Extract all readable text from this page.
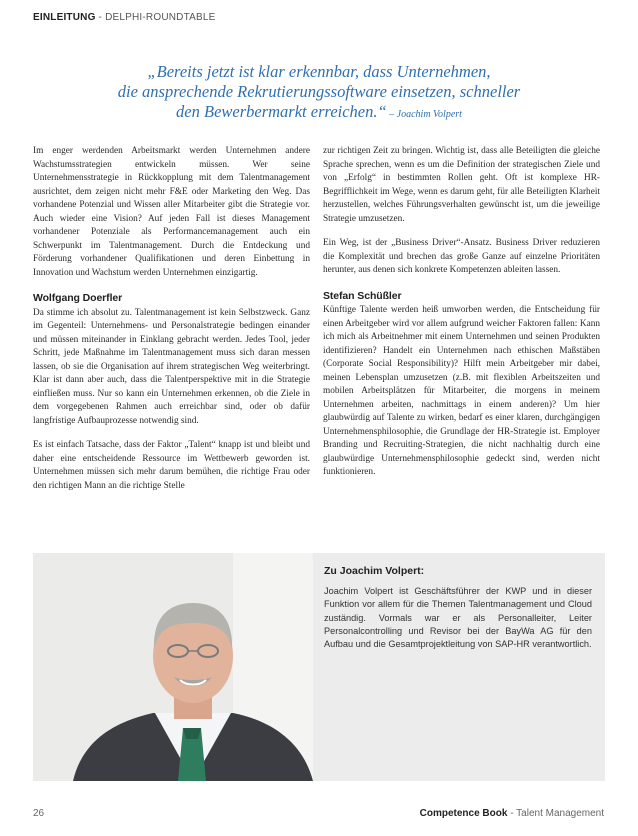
EINLEITUNG - DELPHI-ROUNDTABLE
„Bereits jetzt ist klar erkennbar, dass Unternehmen,
die ansprechende Rekrutierungssoftware einsetzen, schneller
den Bewerbermarkt erreichen.“ – Joachim Volpert

Im enger werdenden Arbeitsmarkt werden Unternehmen andere Wachstumsstrategien entwickeln müssen. Wer seine Unternehmensstrategie in Rückkopplung mit dem Talentmanagement ausrichtet, dem zeigen nicht mehr F&E oder Marketing den Weg. Das vorhandene Potenzial und Wissen aller Mitarbeiter gibt die Strategie vor. Auch wieder eine Vision? Auf jeden Fall ist dieses Management vorhandener Potenziale als Performancemanagement auch ein Schwerpunkt im Talentmanagement. Durch die Entdeckung und Förderung vorhandener Qualifikationen und deren Einbettung in Innovation und Wachstum werden Unternehmen einzigartig.

Wolfgang Doerfler

Da stimme ich absolut zu. Talentmanagement ist kein Selbstzweck. Ganz im Gegenteil: Unternehmens- und Personalstrategie bedingen einander und müssen miteinander in Einklang gebracht werden. Jedes Tool, jeder Schritt, jede Maßnahme im Talentmanagement muss sich daran messen lassen, ob sie die Organisation auf ihrem strategischen Weg weiterbringt. Klar ist dann aber auch, dass die Talentperspektive mit in die Strategie einfließen muss. Nur so kann ein Unternehmen erkennen, ob die Ziele in dem vorgegebenen Rahmen auch erreichbar sind, oder ob dafür langfristige Aufbauprozesse notwendig sind.

Es ist einfach Tatsache, dass der Faktor „Talent“ knapp ist und bleibt und daher eine entscheidende Ressource im Wettbewerb geworden ist. Unternehmen müssen sich mehr darum bemühen, die richtige Frau oder den richtigen Mann an die richtige Stelle

zur richtigen Zeit zu bringen. Wichtig ist, dass alle Beteiligten die gleiche Sprache sprechen, wenn es um die Definition der strategischen Ziele und von „Erfolg“ in bestimmten Rollen geht. Oft ist komplexe HR-Begrifflichkeit im Wege, wenn es darum geht, für alle Beteiligten Klarheit herzustellen, welches Führungsverhalten gewünscht ist, um die jeweilige Strategie umzusetzen.

Ein Weg, ist der „Business Driver“-Ansatz. Business Driver reduzieren die Komplexität und brechen das große Ganze auf einzelne Prioritäten herunter, aus denen sich konkrete Kompetenzen ableiten lassen.

Stefan Schüßler

Künftige Talente werden heiß umworben werden, die Entscheidung für einen Arbeitgeber wird vor allem aufgrund weicher Faktoren fallen: Kann ich mich als Arbeitnehmer mit einem Unternehmen und seinen Produkten identifizieren? Handelt ein Unternehmen nach ethischen Maßstäben (Corporate Social Responsibility)? Hilft mein Arbeitgeber mir dabei, meinen Lebensplan umzusetzen (z.B. mit flexiblen Arbeitszeiten und mobilen Arbeitsplätzen für Mitarbeiter, die morgens in meinem Unternehmen arbeiten, nachmittags in einem anderen)? Um hier glaubwürdig auf Talente zu wirken, bedarf es einer klaren, durchgängigen Unternehmensphilosophie, die Grundlage der HR-Strategie ist. Employer Branding und Recruiting-Strategien, die nicht nachhaltig durch eine glaubwürdige Unternehmensphilosophie gedeckt sind, werden nicht funktionieren.

Zu Joachim Volpert:
Joachim Volpert ist Geschäftsführer der KWP und in dieser Funktion vor allem für die Themen Talentmanagement und Cloud zuständig. Vormals war er als Personalleiter, Leiter Personalcontrolling und Revisor bei der BayWa AG für den Aufbau und die Gesamtprojektleitung von SAP-HR verantwortlich.
26	Competence Book - Talent Management
